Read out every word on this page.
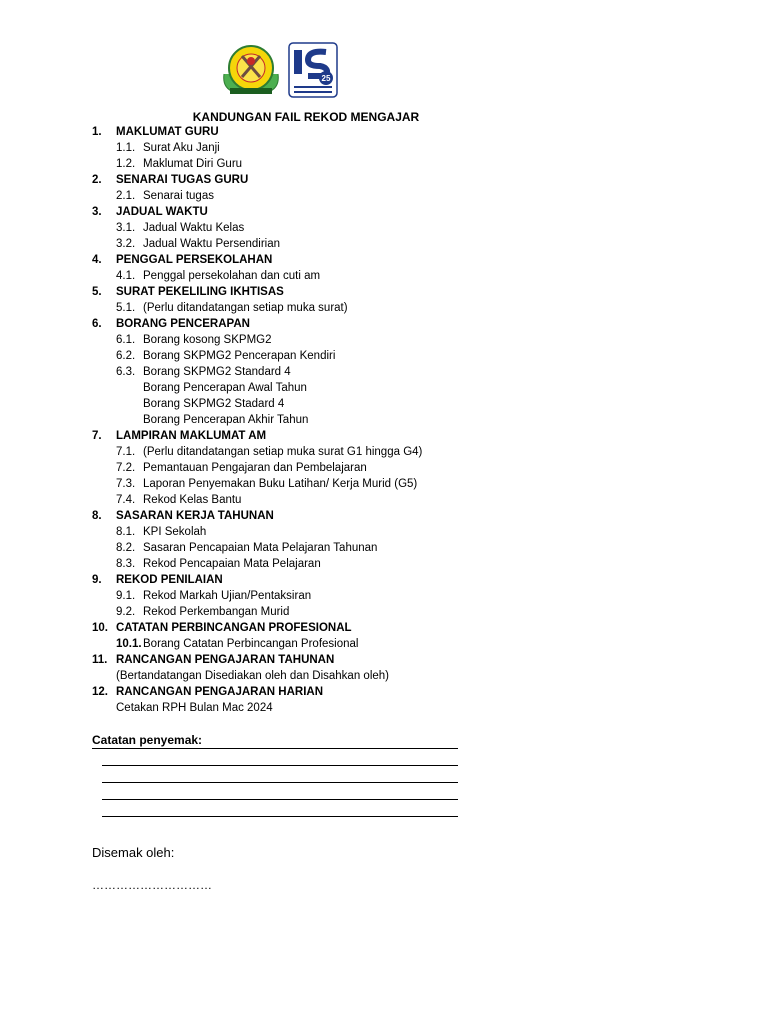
25
KANDUNGAN FAIL REKOD MENGAJAR
1. MAKLUMAT GURU
1.1. Surat Aku Janji
1.2. Maklumat Diri Guru
2. SENARAI TUGAS GURU
2.1. Senarai tugas
3. JADUAL WAKTU
3.1. Jadual Waktu Kelas
3.2. Jadual Waktu Persendirian
4. PENGGAL PERSEKOLAHAN
4.1. Penggal persekolahan dan cuti am
5. SURAT PEKELILING IKHTISAS
5.1. (Perlu ditandatangan setiap muka surat)
6. BORANG PENCERAPAN
6.1. Borang kosong SKPMG2
6.2. Borang SKPMG2 Pencerapan Kendiri
6.3. Borang SKPMG2 Standard 4
Borang Pencerapan Awal Tahun
Borang SKPMG2 Stadard 4
Borang Pencerapan Akhir Tahun
7. LAMPIRAN MAKLUMAT AM
7.1. (Perlu ditandatangan setiap muka surat G1 hingga G4)
7.2. Pemantauan Pengajaran dan Pembelajaran
7.3. Laporan Penyemakan Buku Latihan/ Kerja Murid (G5)
7.4. Rekod Kelas Bantu
8. SASARAN KERJA TAHUNAN
8.1. KPI Sekolah
8.2. Sasaran Pencapaian Mata Pelajaran Tahunan
8.3. Rekod Pencapaian Mata Pelajaran
9. REKOD PENILAIAN
9.1. Rekod Markah Ujian/Pentaksiran
9.2. Rekod Perkembangan Murid
10. CATATAN PERBINCANGAN PROFESIONAL
10.1. Borang Catatan Perbincangan Profesional
11. RANCANGAN PENGAJARAN TAHUNAN
(Bertandatangan Disediakan oleh dan Disahkan oleh)
12. RANCANGAN PENGAJARAN HARIAN
Cetakan RPH Bulan Mac 2024
Catatan penyemak:
Disemak oleh:
…………………………
